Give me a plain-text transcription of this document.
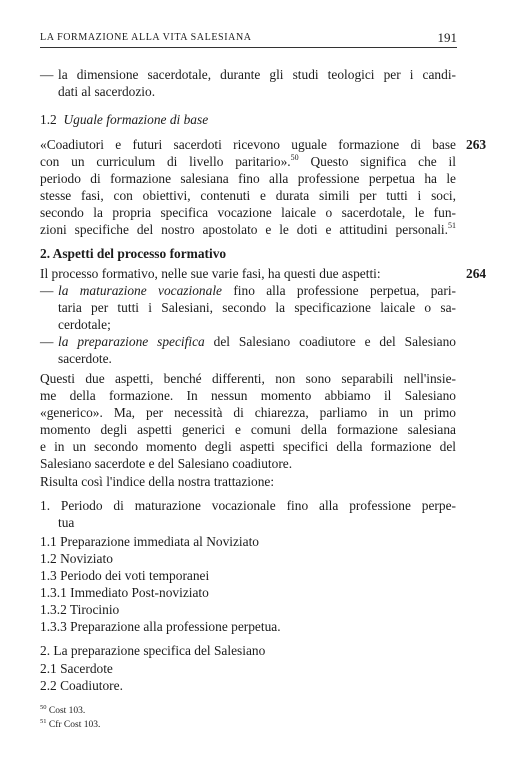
LA FORMAZIONE ALLA VITA SALESIANA	191
— la dimensione sacerdotale, durante gli studi teologici per i candi-
dati al sacerdozio.
1.2 Uguale formazione di base
263
«Coadiutori e futuri sacerdoti ricevono uguale formazione di base
con un curriculum di livello paritario».$^{50}$ Questo significa che il
periodo di formazione salesiana fino alla professione perpetua ha le
stesse fasi, con obiettivi, contenuti e durata simili per tutti i soci,
secondo la propria specifica vocazione laicale o sacerdotale, le fun-
zioni specifiche del nostro apostolato e le doti e attitudini personali.$^{51}$
2. Aspetti del processo formativo
264
Il processo formativo, nelle sue varie fasi, ha questi due aspetti:
— la maturazione vocazionale fino alla professione perpetua, pari-
taria per tutti i Salesiani, secondo la specificazione laicale o sa-
cerdotale;
— la preparazione specifica del Salesiano coadiutore e del Salesiano
sacerdote.
Questi due aspetti, benché differenti, non sono separabili nell'insie-
me della formazione. In nessun momento abbiamo il Salesiano
«generico». Ma, per necessità di chiarezza, parliamo in un primo
momento degli aspetti generici e comuni della formazione salesiana
e in un secondo momento degli aspetti specifici della formazione del
Salesiano sacerdote e del Salesiano coadiutore.
Risulta così l'indice della nostra trattazione:
1. Periodo di maturazione vocazionale fino alla professione perpe-
tua
1.1 Preparazione immediata al Noviziato
1.2 Noviziato
1.3 Periodo dei voti temporanei
1.3.1 Immediato Post-noviziato
1.3.2 Tirocinio
1.3.3 Preparazione alla professione perpetua.
2. La preparazione specifica del Salesiano
2.1 Sacerdote
2.2 Coadiutore.
$^{50}$ Cost 103.
$^{51}$ Cfr Cost 103.
